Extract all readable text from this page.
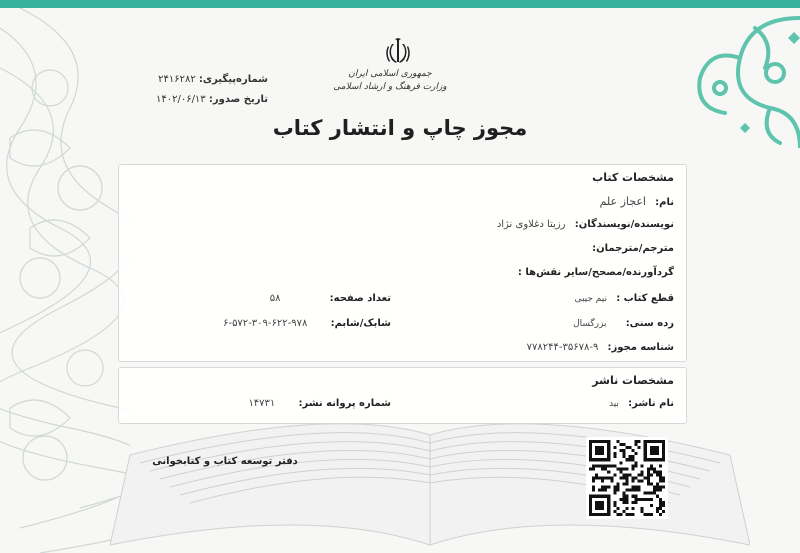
شماره‌پیگیری: ۲۴۱۶۲۸۲
تاریخ صدور: ۱۴۰۲/۰۶/۱۳
جمهوری اسلامی ایران
وزارت فرهنگ و ارشاد اسلامی
مجوز چاپ و انتشار کتاب
مشخصات کتاب
نام: اعجاز علم
نویسنده/نویسندگان: رزیتا دغلاوی نژاد
مترجم/مترجمان:
گردآورنده/مصحح/سایر نقش‌ها :
قطع کتاب : نیم جیبی
تعداد صفحه: ۵۸
رده سنی: بزرگسال
شابک/شابم: ۹۷۸-۶۲۲-۳۰۹-۵۷۲-۶
شناسه مجوز: ۹-۳۵۶۷۸-۷۷۸۲۴۴
مشخصات ناشر
نام ناشر: بید
شماره پروانه نشر: ۱۴۷۳۱
دفتر توسعه کتاب و کتابخوانی
